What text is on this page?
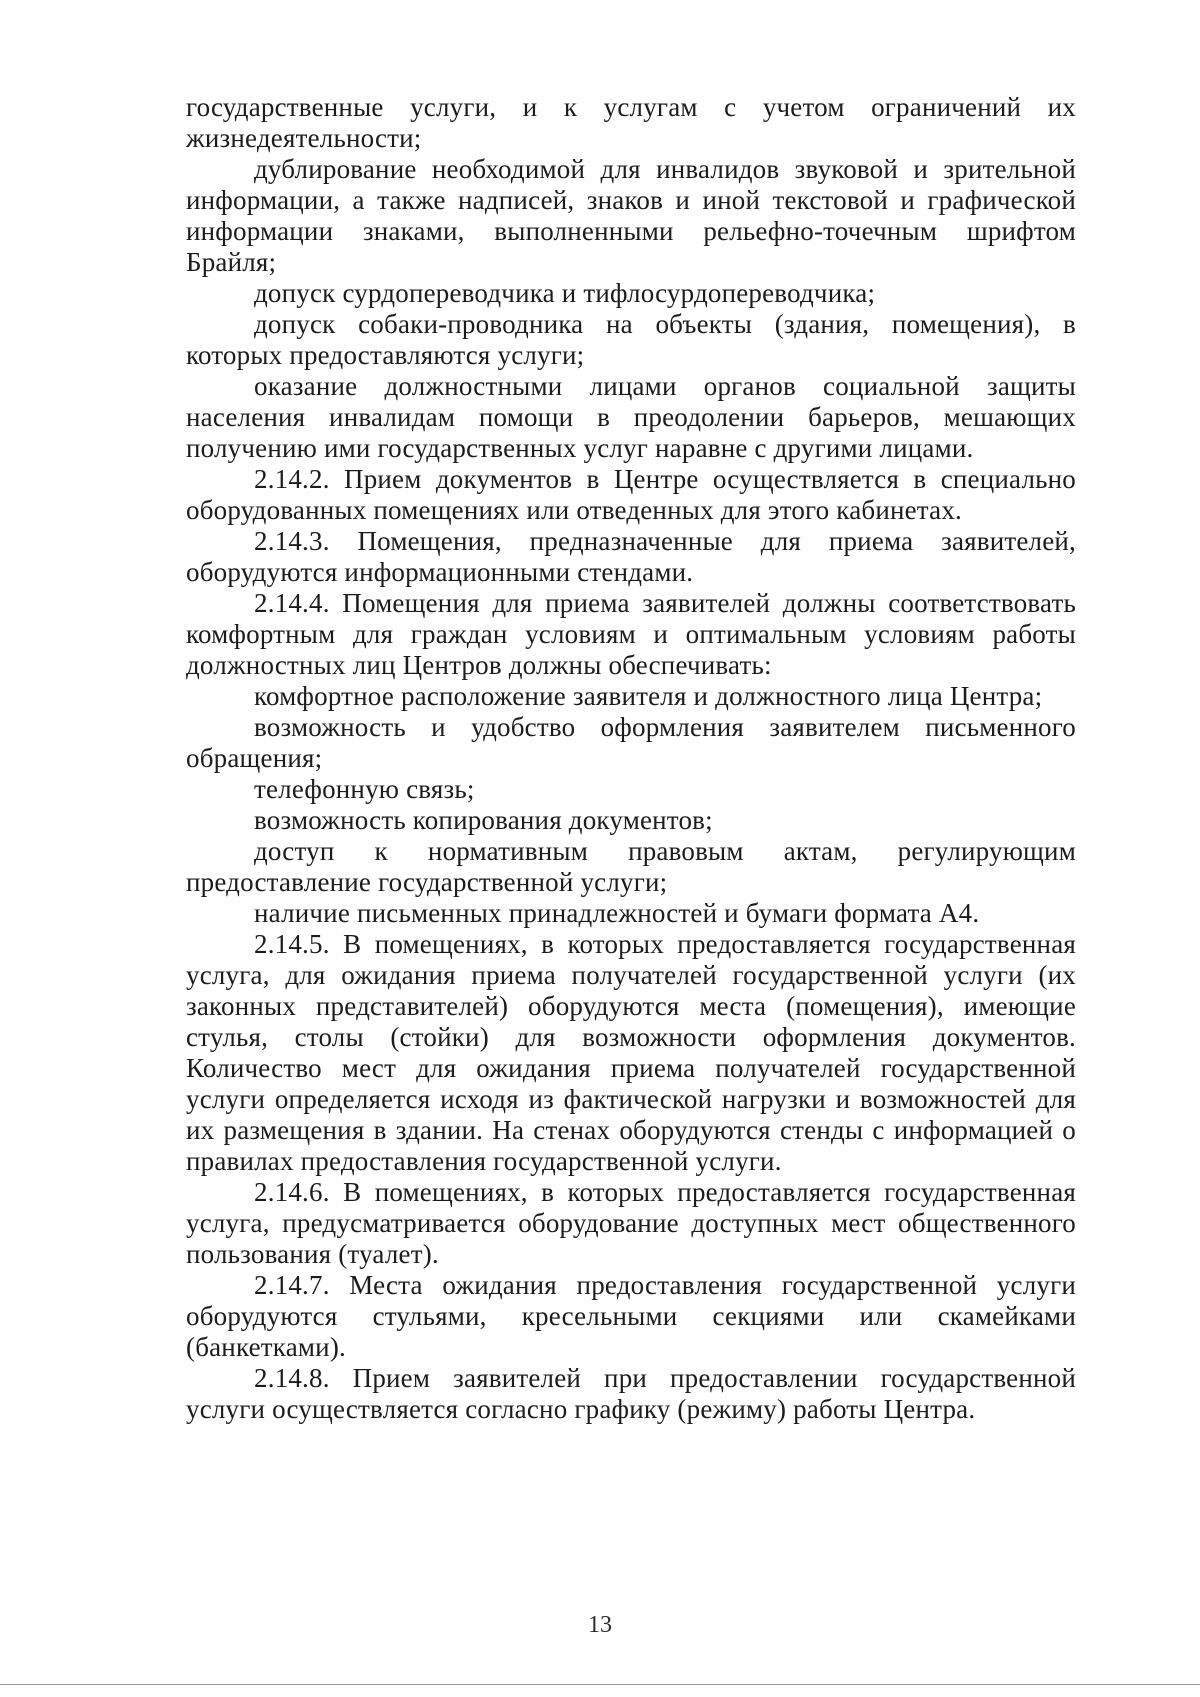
государственные услуги, и к услугам с учетом ограничений их жизнедеятельности;

дублирование необходимой для инвалидов звуковой и зрительной информации, а также надписей, знаков и иной текстовой и графической информации знаками, выполненными рельефно-точечным шрифтом Брайля;

допуск сурдопереводчика и тифлосурдопереводчика;

допуск собаки-проводника на объекты (здания, помещения), в которых предоставляются услуги;

оказание должностными лицами органов социальной защиты населения инвалидам помощи в преодолении барьеров, мешающих получению ими государственных услуг наравне с другими лицами.

2.14.2. Прием документов в Центре осуществляется в специально оборудованных помещениях или отведенных для этого кабинетах.

2.14.3. Помещения, предназначенные для приема заявителей, оборудуются информационными стендами.

2.14.4. Помещения для приема заявителей должны соответствовать комфортным для граждан условиям и оптимальным условиям работы должностных лиц Центров должны обеспечивать:

комфортное расположение заявителя и должностного лица Центра;

возможность и удобство оформления заявителем письменного обращения;

телефонную связь;

возможность копирования документов;

доступ к нормативным правовым актам, регулирующим предоставление государственной услуги;

наличие письменных принадлежностей и бумаги формата А4.

2.14.5. В помещениях, в которых предоставляется государственная услуга, для ожидания приема получателей государственной услуги (их законных представителей) оборудуются места (помещения), имеющие стулья, столы (стойки) для возможности оформления документов. Количество мест для ожидания приема получателей государственной услуги определяется исходя из фактической нагрузки и возможностей для их размещения в здании. На стенах оборудуются стенды с информацией о правилах предоставления государственной услуги.

2.14.6. В помещениях, в которых предоставляется государственная услуга, предусматривается оборудование доступных мест общественного пользования (туалет).

2.14.7. Места ожидания предоставления государственной услуги оборудуются стульями, кресельными секциями или скамейками (банкетками).

2.14.8. Прием заявителей при предоставлении государственной услуги осуществляется согласно графику (режиму) работы Центра.

13
